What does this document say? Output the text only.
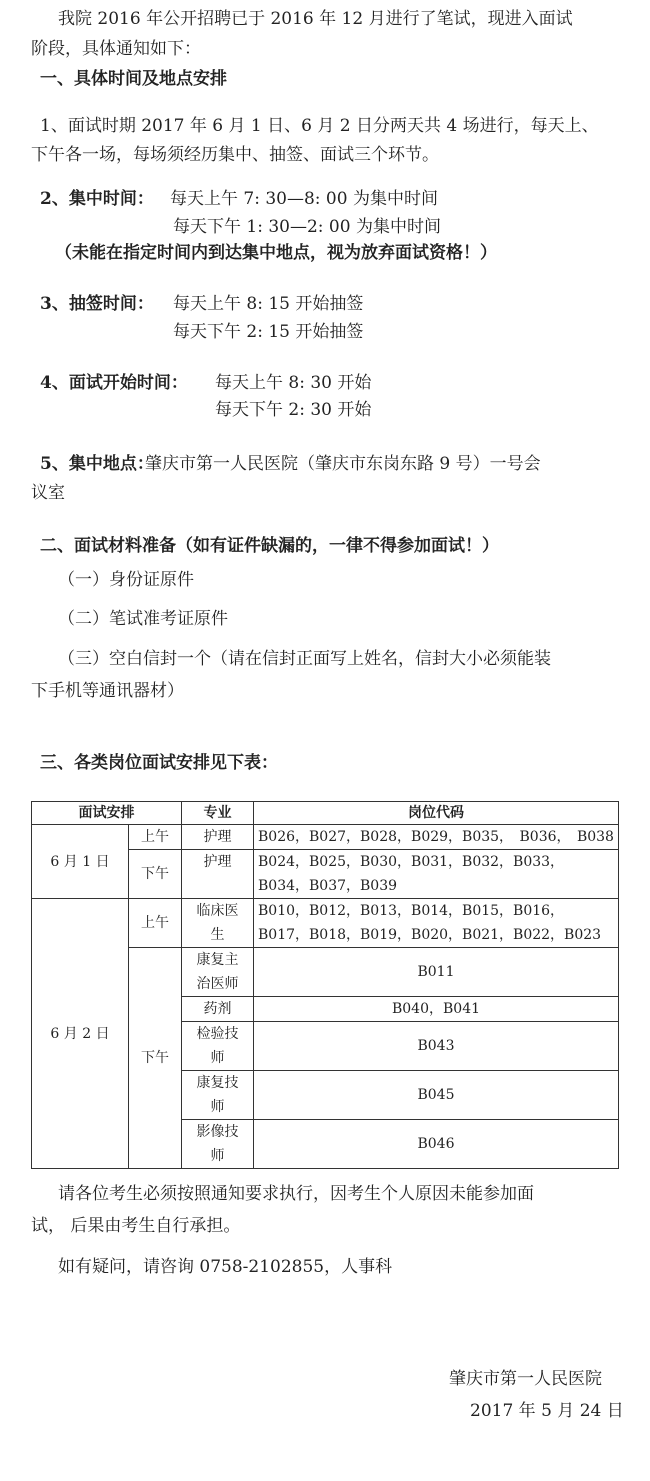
我院 2016 年公开招聘已于 2016 年 12 月进行了笔试，现进入面试
阶段，具体通知如下：
一、具体时间及地点安排
1、面试时期 2017 年 6 月 1 日、6 月 2 日分两天共 4 场进行，每天上、
下午各一场，每场须经历集中、抽签、面试三个环节。
2、集中时间： 每天上午 7: 30—8: 00 为集中时间
每天下午 1: 30—2: 00 为集中时间
（未能在指定时间内到达集中地点，视为放弃面试资格！）
3、抽签时间： 每天上午 8: 15 开始抽签
每天下午 2: 15 开始抽签
4、面试开始时间： 每天上午 8: 30 开始
每天下午 2: 30 开始
5、集中地点：
肇庆市第一人民医院（肇庆市东岗东路 9 号）一号会
议室
二、面试材料准备（如有证件缺漏的，一律不得参加面试！）
（一）身份证原件
（二）笔试准考证原件
（三）空白信封一个（请在信封正面写上姓名，信封大小必须能装
下手机等通讯器材）
三、各类岗位面试安排见下表：
面试安排		专业	岗位代码
6 月 1 日	上午	护理	B026，B027，B028，B029，B035， B036， B038
	下午	护理	B024，B025，B030，B031，B032，B033，B034，B037，B039
6 月 2 日	上午	临床医生	B010，B012，B013，B014，B015，B016，B017，B018，B019，B020，B021，B022，B023
	下午	康复主治医师	B011
		药剂	B040，B041
		检验技师	B043
		康复技师	B045
		影像技师	B046
请各位考生必须按照通知要求执行，因考生个人原因未能参加面
试， 后果由考生自行承担。
如有疑问，请咨询 0758-2102855，人事科
肇庆市第一人民医院
2017 年 5 月 24 日
